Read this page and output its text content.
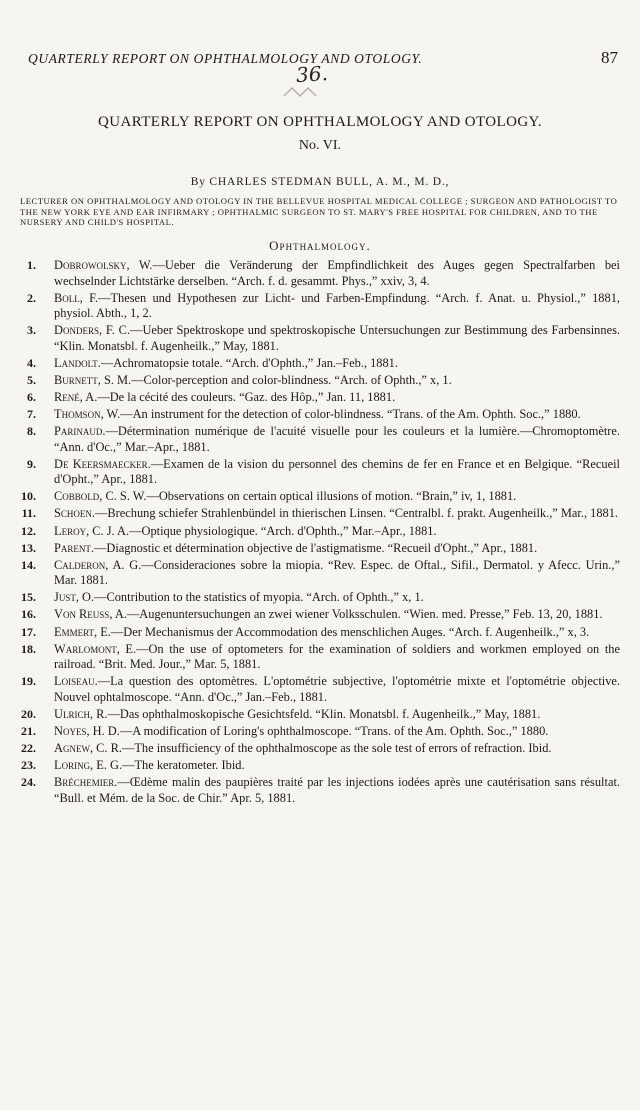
QUARTERLY REPORT ON OPHTHALMOLOGY AND OTOLOGY.	87
36.
QUARTERLY REPORT ON OPHTHALMOLOGY AND OTOLOGY.
No. VI.
By CHARLES STEDMAN BULL, A. M., M. D.,
LECTURER ON OPHTHALMOLOGY AND OTOLOGY IN THE BELLEVUE HOSPITAL MEDICAL COLLEGE ; SURGEON AND PATHOLOGIST TO THE NEW YORK EYE AND EAR INFIRMARY ; OPHTHALMIC SURGEON TO ST. MARY'S FREE HOSPITAL FOR CHILDREN, AND TO THE NURSERY AND CHILD'S HOSPITAL.
Ophthalmology.
1. Dobrowolsky, W.—Ueber die Veränderung der Empfindlichkeit des Auges gegen Spectralfarben bei wechselnder Lichtstärke derselben. “Arch. f. d. gesammt. Phys.,” xxiv, 3, 4.
2. Boll, F.—Thesen und Hypothesen zur Licht- und Farben-Empfindung. “Arch. f. Anat. u. Physiol.,” 1881, physiol. Abth., 1, 2.
3. Donders, F. C.—Ueber Spektroskope und spektroskopische Untersuchungen zur Bestimmung des Farbensinnes. “Klin. Monatsbl. f. Augenheilk.,” May, 1881.
4. Landolt.—Achromatopsie totale. “Arch. d'Ophth.,” Jan.–Feb., 1881.
5. Burnett, S. M.—Color-perception and color-blindness. “Arch. of Ophth.,” x, 1.
6. René, A.—De la cécité des couleurs. “Gaz. des Hôp.,” Jan. 11, 1881.
7. Thomson, W.—An instrument for the detection of color-blindness. “Trans. of the Am. Ophth. Soc.,” 1880.
8. Parinaud.—Détermination numérique de l'acuité visuelle pour les couleurs et la lumière.—Chromoptomètre. “Ann. d'Oc.,” Mar.–Apr., 1881.
9. De Keersmaecker.—Examen de la vision du personnel des chemins de fer en France et en Belgique. “Recueil d'Opht.,” Apr., 1881.
10. Cobbold, C. S. W.—Observations on certain optical illusions of motion. “Brain,” iv, 1, 1881.
11. Schoen.—Brechung schiefer Strahlenbündel in thierischen Linsen. “Centralbl. f. prakt. Augenheilk.,” Mar., 1881.
12. Leroy, C. J. A.—Optique physiologique. “Arch. d'Ophth.,” Mar.–Apr., 1881.
13. Parent.—Diagnostic et détermination objective de l'astigmatisme. “Recueil d'Opht.,” Apr., 1881.
14. Calderon, A. G.—Consideraciones sobre la miopia. “Rev. Espec. de Oftal., Sifil., Dermatol. y Afecc. Urin.,” Mar. 1881.
15. Just, O.—Contribution to the statistics of myopia. “Arch. of Ophth.,” x, 1.
16. Von Reuss, A.—Augenuntersuchungen an zwei wiener Volksschulen. “Wien. med. Presse,” Feb. 13, 20, 1881.
17. Emmert, E.—Der Mechanismus der Accommodation des menschlichen Auges. “Arch. f. Augenheilk.,” x, 3.
18. Warlomont, E.—On the use of optometers for the examination of soldiers and workmen employed on the railroad. “Brit. Med. Jour.,” Mar. 5, 1881.
19. Loiseau.—La question des optomètres. L'optométrie subjective, l'optométrie mixte et l'optométrie objective. Nouvel ophtalmoscope. “Ann. d'Oc.,” Jan.–Feb., 1881.
20. Ulrich, R.—Das ophthalmoskopische Gesichtsfeld. “Klin. Monatsbl. f. Augenheilk.,” May, 1881.
21. Noyes, H. D.—A modification of Loring's ophthalmoscope. “Trans. of the Am. Ophth. Soc.,” 1880.
22. Agnew, C. R.—The insufficiency of the ophthalmoscope as the sole test of errors of refraction. Ibid.
23. Loring, E. G.—The keratometer. Ibid.
24. Bréchemier.—Œdème malin des paupières traité par les injections iodées après une cautérisation sans résultat. “Bull. et Mém. de la Soc. de Chir.” Apr. 5, 1881.
